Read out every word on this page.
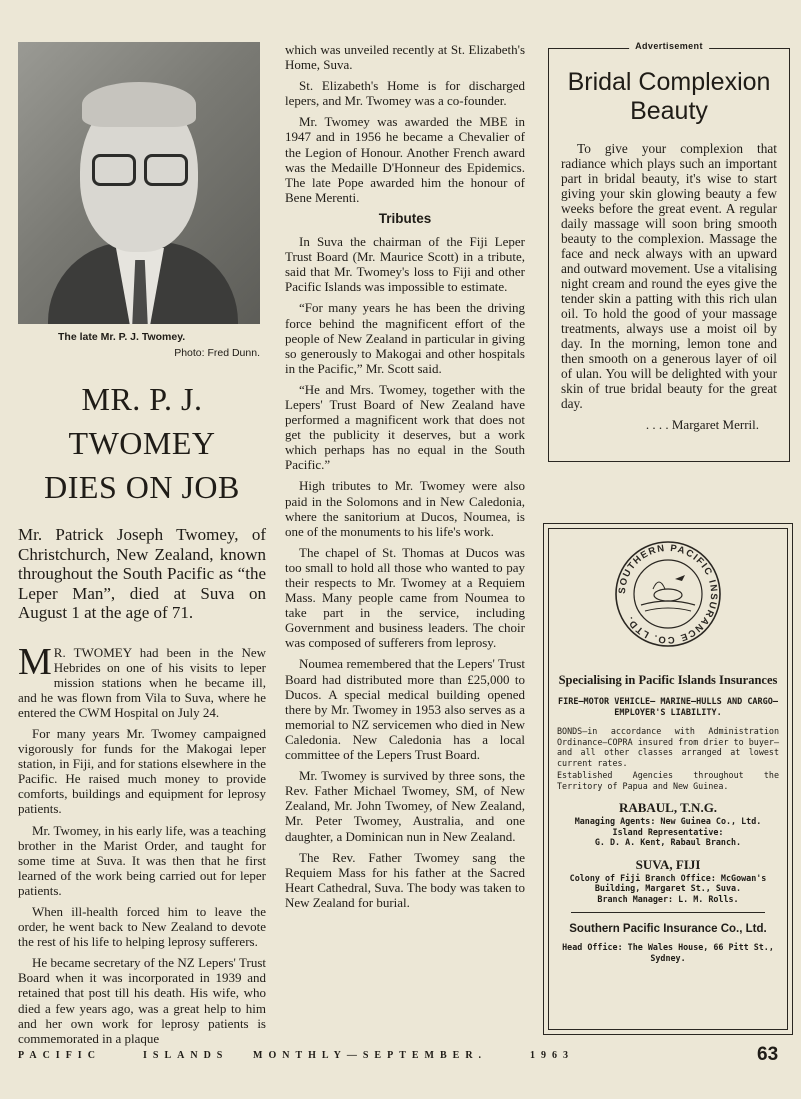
The late Mr. P. J. Twomey.
Photo: Fred Dunn.
MR. P. J. TWOMEY
DIES ON JOB

Mr. Patrick Joseph Twomey, of Christchurch, New Zealand, known throughout the South Pacific as “the Leper Man”, died at Suva on August 1 at the age of 71.

M R. TWOMEY had been in the New Hebrides on one of his visits to leper mission stations when he became ill, and he was flown from Vila to Suva, where he entered the CWM Hospital on July 24.

For many years Mr. Twomey campaigned vigorously for funds for the Makogai leper station, in Fiji, and for stations elsewhere in the Pacific. He raised much money to provide comforts, buildings and equipment for leprosy patients.

Mr. Twomey, in his early life, was a teaching brother in the Marist Order, and taught for some time at Suva. It was then that he first learned of the work being carried out for leper patients.

When ill-health forced him to leave the order, he went back to New Zealand to devote the rest of his life to helping leprosy sufferers.

He became secretary of the NZ Lepers' Trust Board when it was incorporated in 1939 and retained that post till his death. His wife, who died a few years ago, was a great help to him and her own work for leprosy patients is commemorated in a plaque

which was unveiled recently at St. Elizabeth's Home, Suva.

St. Elizabeth's Home is for discharged lepers, and Mr. Twomey was a co-founder.

Mr. Twomey was awarded the MBE in 1947 and in 1956 he became a Chevalier of the Legion of Honour. Another French award was the Medaille D'Honneur des Epidemics. The late Pope awarded him the honour of Bene Merenti.

Tributes

In Suva the chairman of the Fiji Leper Trust Board (Mr. Maurice Scott) in a tribute, said that Mr. Twomey's loss to Fiji and other Pacific Islands was impossible to estimate.

“For many years he has been the driving force behind the magnificent effort of the people of New Zealand in particular in giving so generously to Makogai and other hospitals in the Pacific,” Mr. Scott said.

“He and Mrs. Twomey, together with the Lepers' Trust Board of New Zealand have performed a magnificent work that does not get the publicity it deserves, but a work which perhaps has no equal in the South Pacific.”

High tributes to Mr. Twomey were also paid in the Solomons and in New Caledonia, where the sanitorium at Ducos, Noumea, is one of the monuments to his life's work.

The chapel of St. Thomas at Ducos was too small to hold all those who wanted to pay their respects to Mr. Twomey at a Requiem Mass. Many people came from Noumea to take part in the service, including Government and business leaders. The choir was composed of sufferers from leprosy.

Noumea remembered that the Lepers' Trust Board had distributed more than £25,000 to Ducos. A special medical building opened there by Mr. Twomey in 1953 also serves as a memorial to NZ servicemen who died in New Caledonia. New Caledonia has a local committee of the Lepers Trust Board.

Mr. Twomey is survived by three sons, the Rev. Father Michael Twomey, SM, of New Zealand, Mr. John Twomey, of New Zealand, Mr. Peter Twomey, Australia, and one daughter, a Dominican nun in New Zealand.

The Rev. Father Twomey sang the Requiem Mass for his father at the Sacred Heart Cathedral, Suva. The body was taken to New Zealand for burial.

Advertisement
Bridal Complexion Beauty

To give your complexion that radiance which plays such an important part in bridal beauty, it's wise to start giving your skin glowing beauty a few weeks before the great event. A regular daily massage will soon bring smooth beauty to the complexion. Massage the face and neck always with an upward and outward movement. Use a vitalising night cream and round the eyes give the tender skin a patting with this rich ulan oil. To hold the good of your massage treatments, always use a moist oil by day. In the morning, lemon tone and then smooth on a generous layer of oil of ulan. You will be delighted with your skin of true bridal beauty for the great day.

. . . . Margaret Merril.
SOUTHERN PACIFIC INSURANCE CO. LTD.
Specialising in Pacific Islands Insurances
FIRE—MOTOR VEHICLE— MARINE—HULLS AND CARGO— EMPLOYER'S LIABILITY.

BONDS—in accordance with Administration Ordinance—COPRA insured from drier to buyer—and all other classes arranged at lowest current rates.

Established Agencies throughout the Territory of Papua and New Guinea.

RABAUL, T.N.G.
Managing Agents: New Guinea Co., Ltd.
Island Representative:
G. D. A. Kent, Rabaul Branch.
SUVA, FIJI
Colony of Fiji Branch Office: McGowan's Building, Margaret St., Suva.
Branch Manager: L. M. Rolls.
Southern Pacific Insurance Co., Ltd.
Head Office: The Wales House, 66 Pitt St., Sydney.
PACIFIC	ISLANDS MONTHLY—SEPTEMBER.	1963	63
